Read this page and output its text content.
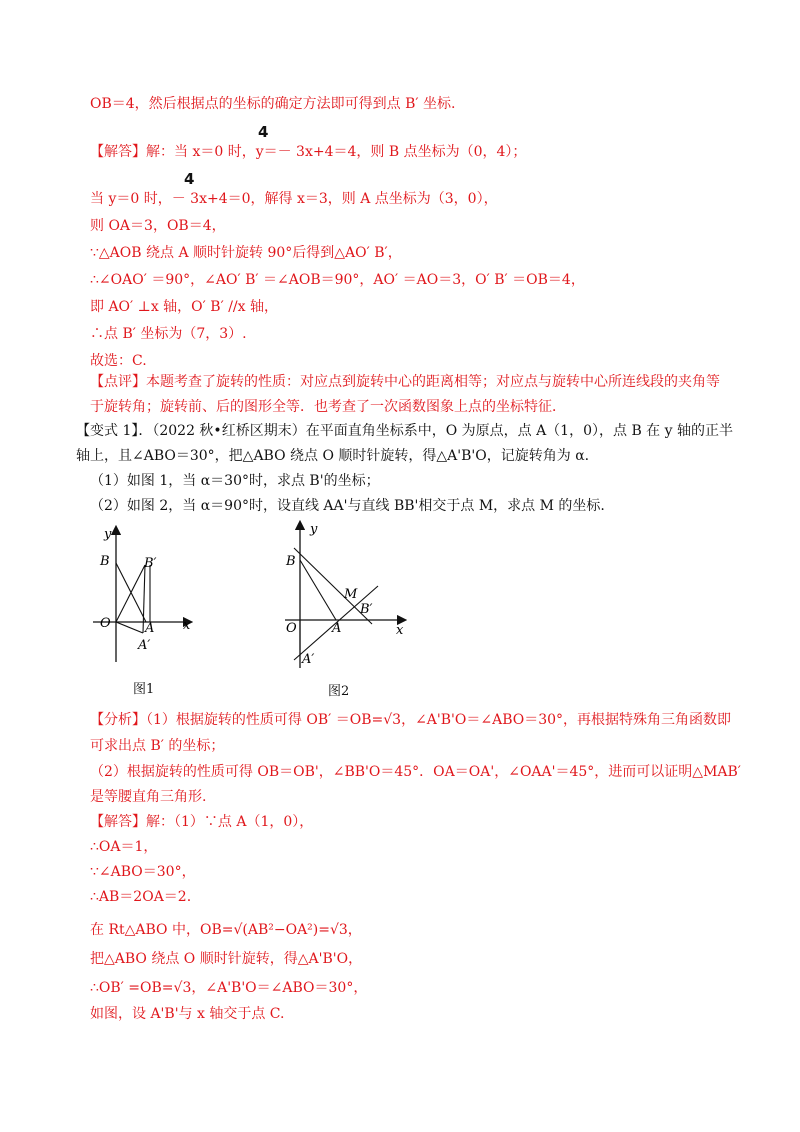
OB＝4，然后根据点的坐标的确定方法即可得到点 B′ 坐标.
4
【解答】解：当 x＝0 时，y＝－ 3x+4＝4，则 B 点坐标为（0，4）；
4
当 y＝0 时，－ 3x+4＝0，解得 x＝3，则 A 点坐标为（3，0），
则 OA＝3，OB＝4，
∵△AOB 绕点 A 顺时针旋转 90°后得到△AO′ B′，
∴∠OAO′ ＝90°，∠AO′ B′ ＝∠AOB＝90°，AO′ ＝AO＝3，O′ B′ ＝OB＝4，
即 AO′ ⊥x 轴，O′ B′ //x 轴，
∴点 B′ 坐标为（7，3）.
故选：C.
【点评】本题考查了旋转的性质：对应点到旋转中心的距离相等；对应点与旋转中心所连线段的夹角等
于旋转角；旋转前、后的图形全等．也考查了一次函数图象上点的坐标特征．
【变式 1】．（2022 秋•红桥区期末）在平面直角坐标系中，O 为原点，点 A（1，0），点 B 在 y 轴的正半
轴上，且∠ABO＝30°，把△ABO 绕点 O 顺时针旋转，得△A'B'O，记旋转角为 α.
（1）如图 1，当 α＝30°时，求点 B'的坐标；
（2）如图 2，当 α＝90°时，设直线 AA'与直线 BB'相交于点 M，求点 M 的坐标.
y
x
B	B′
O	A
A′
图1
y
x
B
M
B′
O	A
A′
图2
【分析】（1）根据旋转的性质可得 OB′ ＝OB=√3，∠A'B'O＝∠ABO＝30°，再根据特殊角三角函数即
可求出点 B′ 的坐标；
（2）根据旋转的性质可得 OB＝OB'，∠BB'O＝45°．OA＝OA'，∠OAA'＝45°，进而可以证明△MAB′
是等腰直角三角形.
【解答】解：（1）∵点 A（1，0），
∴OA＝1，
∵∠ABO＝30°，
∴AB＝2OA＝2.
在 Rt△ABO 中，OB=√(AB²−OA²)=√3，
把△ABO 绕点 O 顺时针旋转，得△A'B'O，
∴OB′ =OB=√3，∠A'B'O＝∠ABO＝30°，
如图，设 A'B'与 x 轴交于点 C.
